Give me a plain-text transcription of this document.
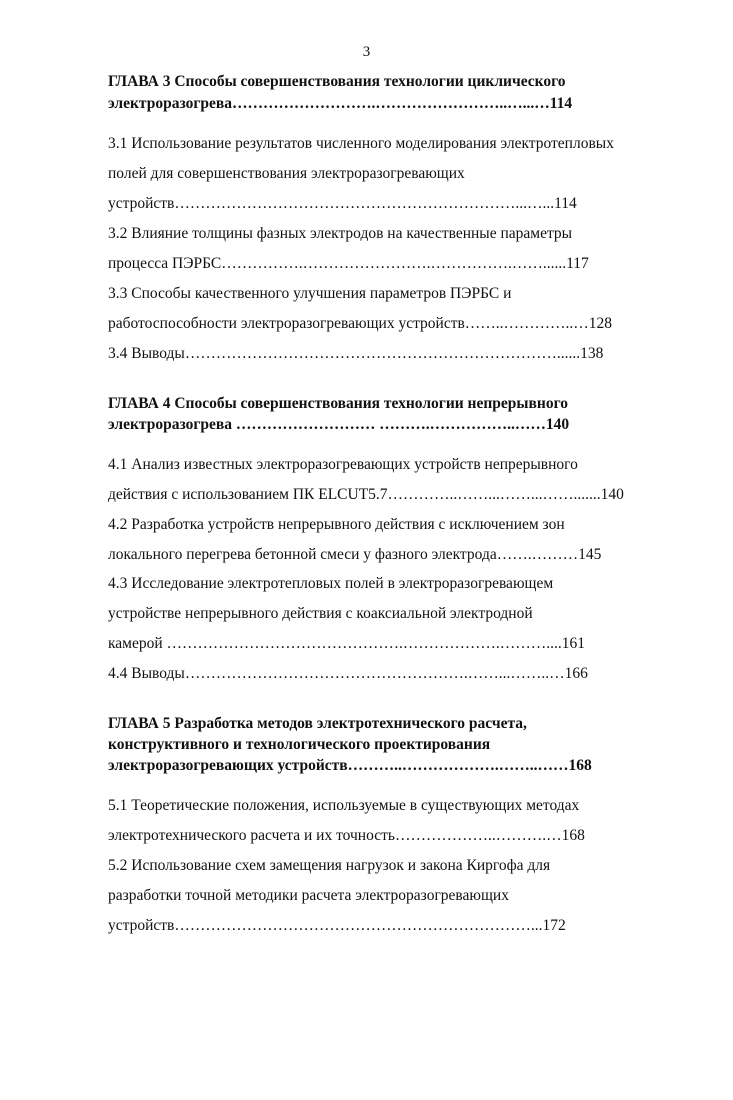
3
ГЛАВА 3 Способы совершенствования технологии циклического
электроразогрева……………………….……………………..…...…114
3.1 Использование результатов численного моделирования электротепловых
полей для совершенствования электроразогревающих
устройств…………………………………………………………...…...114
3.2 Влияние толщины фазных электродов на качественные параметры
процесса ПЭРБС…………….…………………….…………….……......117
3.3 Способы качественного улучшения параметров ПЭРБС и
работоспособности электроразогревающих устройств……..…………..…128
3.4 Выводы………………………………………………………………......138
ГЛАВА 4 Способы совершенствования технологии непрерывного
электроразогрева ……………………… ……….……………..……140
4.1 Анализ известных электроразогревающих устройств непрерывного
действия с использованием ПК ELCUT5.7…………..……...……...…….......140
4.2 Разработка устройств непрерывного действия с исключением зон
локального перегрева бетонной смеси у фазного электрода…….………145
4.3 Исследование электротепловых полей в электроразогревающем
устройстве непрерывного действия с коаксиальной электродной
камерой ……………………………………….……………….………....161
4.4 Выводы……………………………………………….……...……..…166
ГЛАВА 5 Разработка методов электротехнического расчета,
конструктивного и технологического проектирования
электроразогревающих устройств………..……………….……..……168
5.1 Теоретические положения, используемые в существующих методах
электротехнического расчета и их точность………………..……….…168
5.2 Использование схем замещения нагрузок и закона Киргофа для
разработки точной методики расчета электроразогревающих
устройств……………………………………………………………...172
